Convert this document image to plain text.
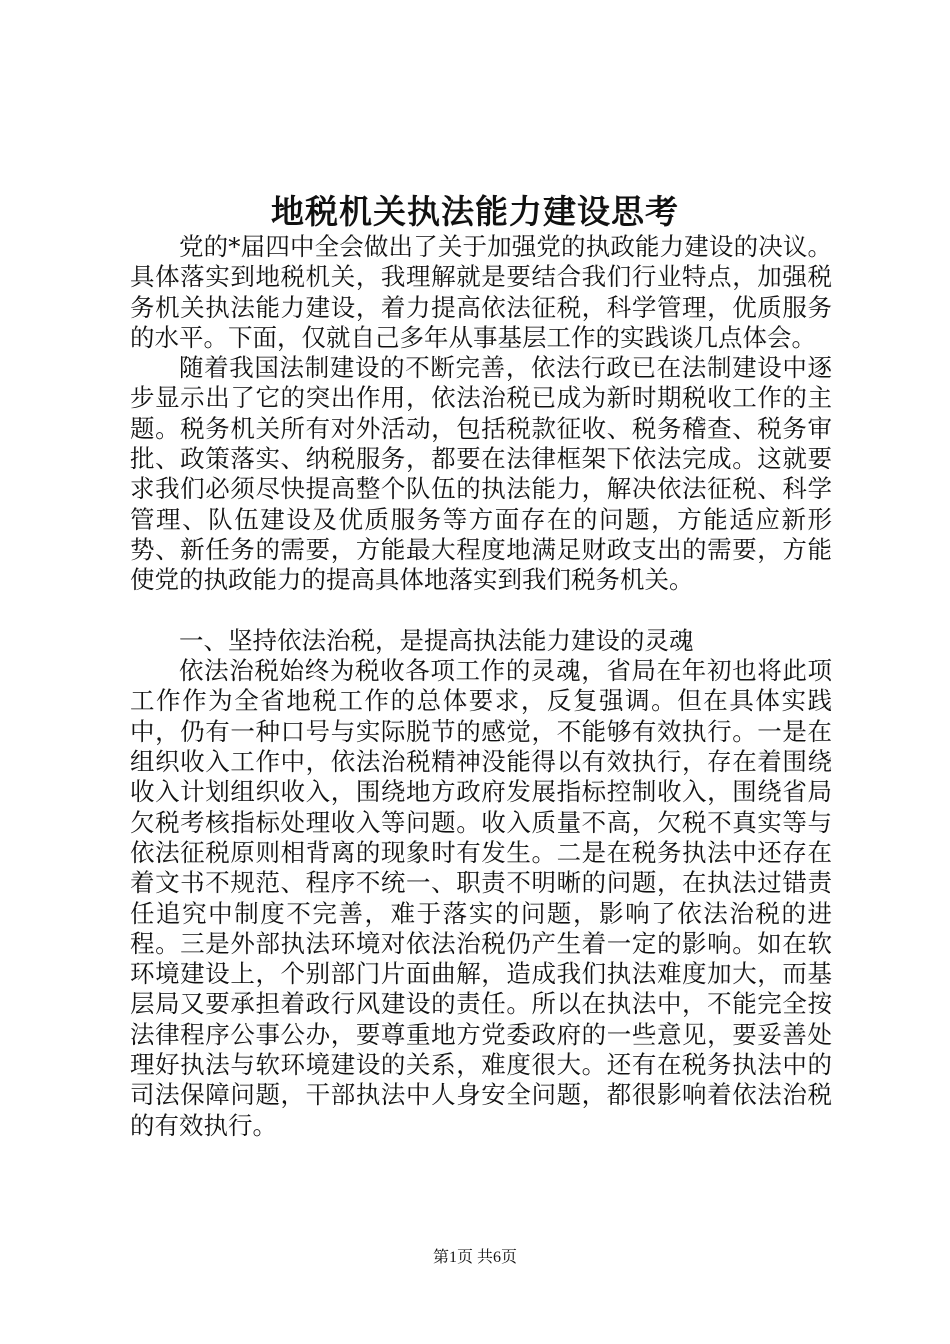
地税机关执法能力建设思考

党的*届四中全会做出了关于加强党的执政能力建设的决议。具体落实到地税机关，我理解就是要结合我们行业特点，加强税务机关执法能力建设，着力提高依法征税，科学管理，优质服务的水平。下面，仅就自己多年从事基层工作的实践谈几点体会。

随着我国法制建设的不断完善，依法行政已在法制建设中逐步显示出了它的突出作用，依法治税已成为新时期税收工作的主题。税务机关所有对外活动，包括税款征收、税务稽查、税务审批、政策落实、纳税服务，都要在法律框架下依法完成。这就要求我们必须尽快提高整个队伍的执法能力，解决依法征税、科学管理、队伍建设及优质服务等方面存在的问题，方能适应新形势、新任务的需要，方能最大程度地满足财政支出的需要，方能使党的执政能力的提高具体地落实到我们税务机关。

一、坚持依法治税，是提高执法能力建设的灵魂

依法治税始终为税收各项工作的灵魂，省局在年初也将此项工作作为全省地税工作的总体要求，反复强调。但在具体实践中，仍有一种口号与实际脱节的感觉，不能够有效执行。一是在组织收入工作中，依法治税精神没能得以有效执行，存在着围绕收入计划组织收入，围绕地方政府发展指标控制收入，围绕省局欠税考核指标处理收入等问题。收入质量不高，欠税不真实等与依法征税原则相背离的现象时有发生。二是在税务执法中还存在着文书不规范、程序不统一、职责不明晰的问题，在执法过错责任追究中制度不完善，难于落实的问题，影响了依法治税的进程。三是外部执法环境对依法治税仍产生着一定的影响。如在软环境建设上，个别部门片面曲解，造成我们执法难度加大，而基层局又要承担着政行风建设的责任。所以在执法中，不能完全按法律程序公事公办，要尊重地方党委政府的一些意见，要妥善处理好执法与软环境建设的关系，难度很大。还有在税务执法中的司法保障问题，干部执法中人身安全问题，都很影响着依法治税的有效执行。

第1页 共6页
